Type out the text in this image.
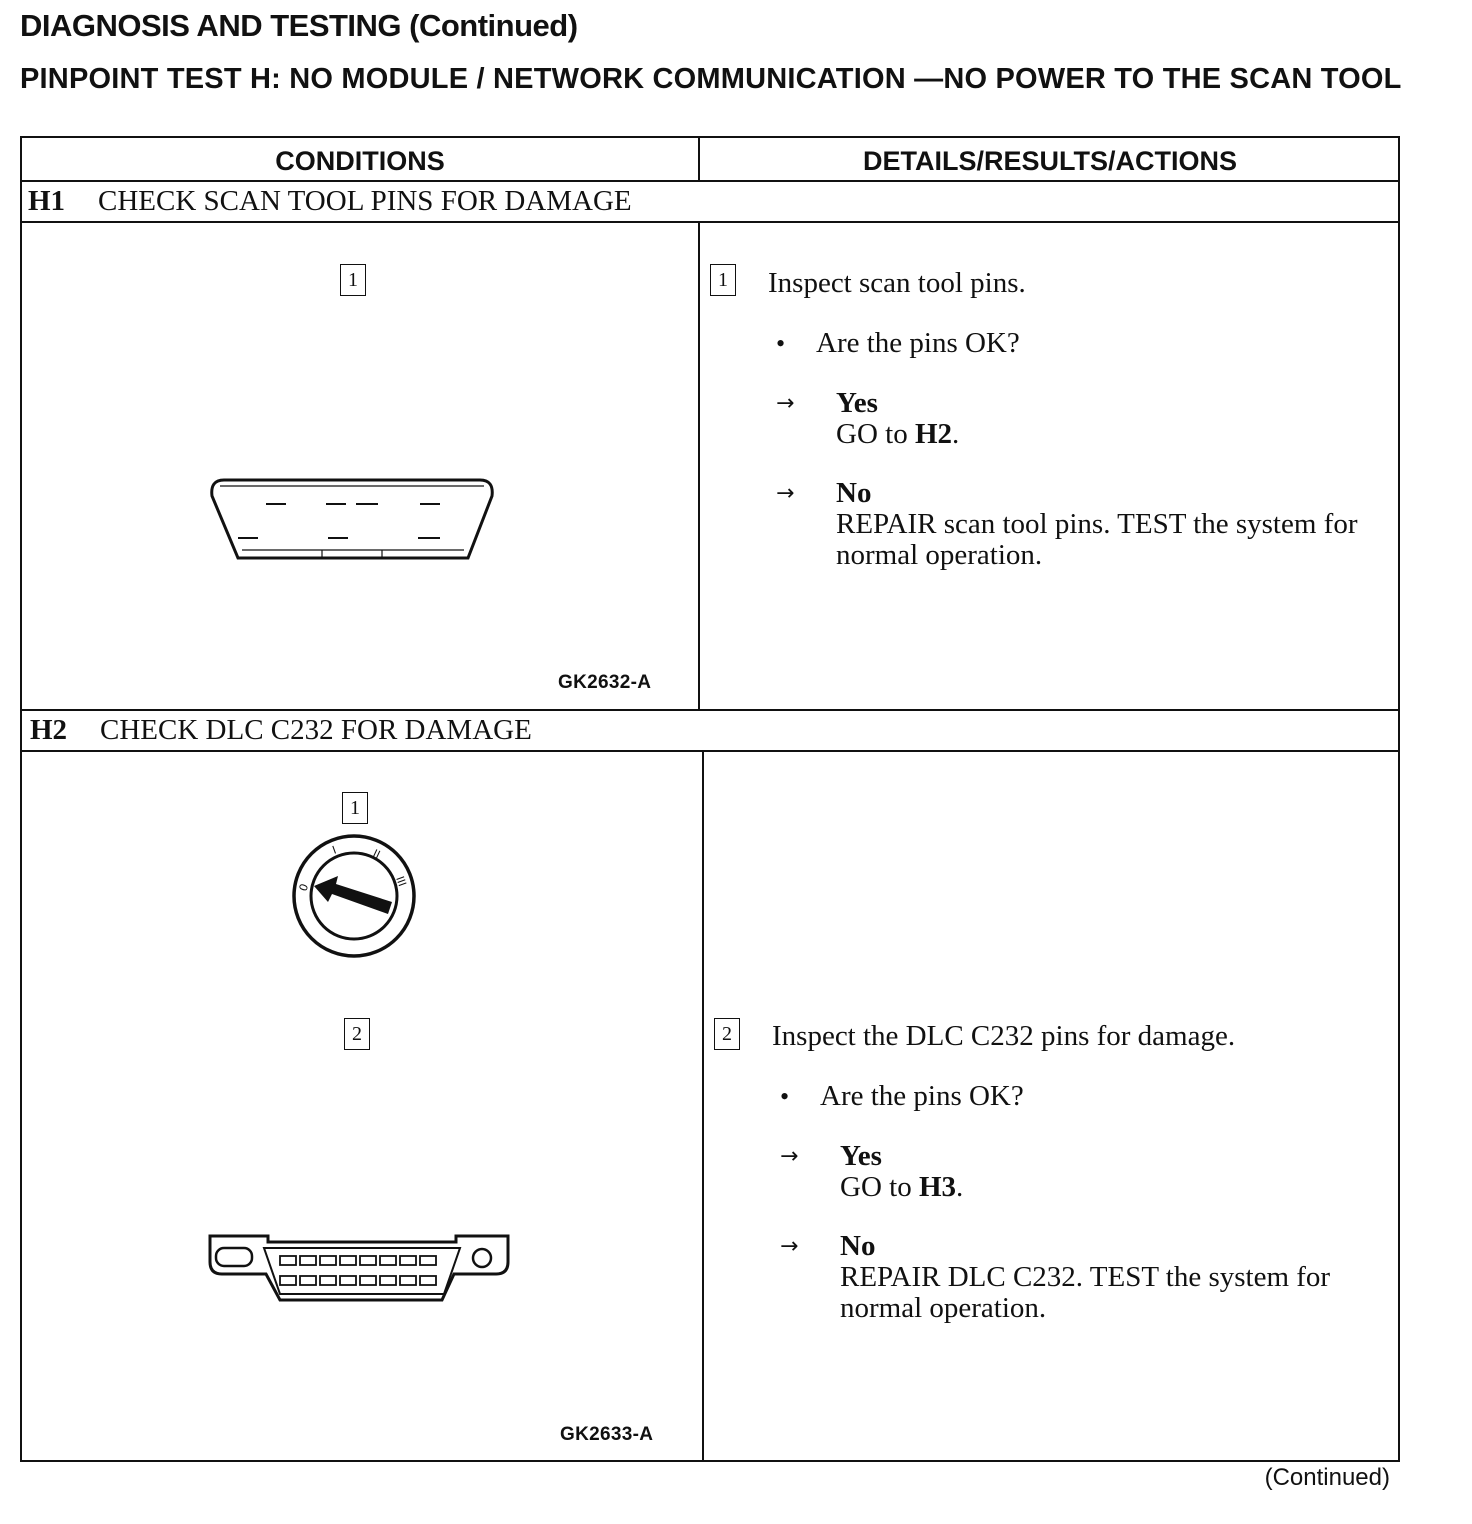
DIAGNOSIS AND TESTING (Continued)
PINPOINT TEST H: NO MODULE / NETWORK COMMUNICATION —NO POWER TO THE SCAN TOOL
CONDITIONS	DETAILS/RESULTS/ACTIONS
H1 CHECK SCAN TOOL PINS FOR DAMAGE
1
GK2632-A
1 Inspect scan tool pins.
• Are the pins OK?
→ Yes
GO to H2.
→ No
REPAIR scan tool pins. TEST the system for normal operation.
H2 CHECK DLC C232 FOR DAMAGE
1
0
I	II
III
2
GK2633-A
2 Inspect the DLC C232 pins for damage.
• Are the pins OK?
→ Yes
GO to H3.
→ No
REPAIR DLC C232. TEST the system for normal operation.
(Continued)
